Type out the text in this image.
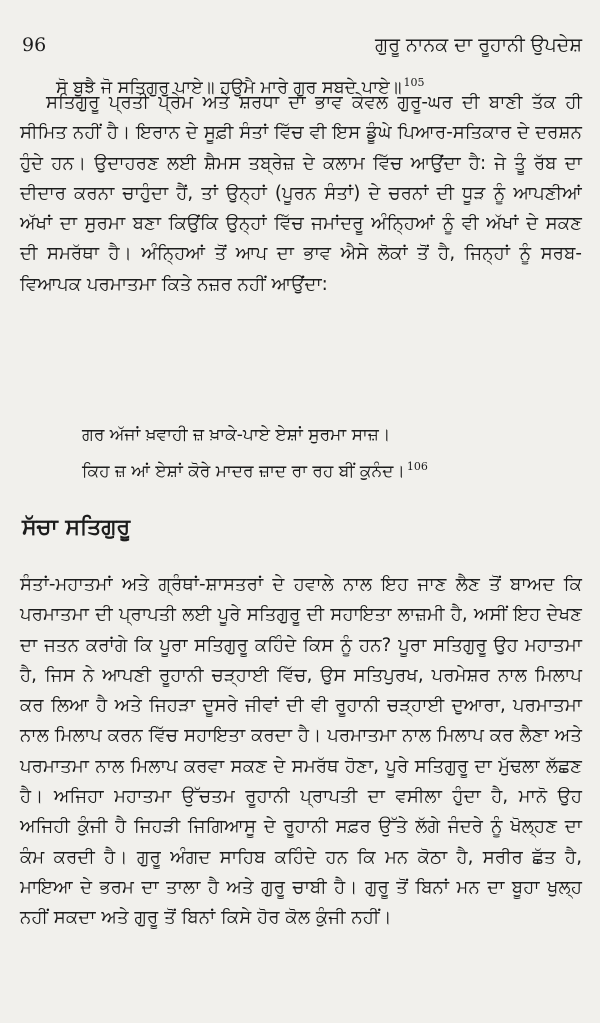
96	ਗੁਰੂ ਨਾਨਕ ਦਾ ਰੂਹਾਨੀ ਉਪਦੇਸ਼
ਸੋ ਬੂਝੈ ਜੋ ਸਤਿਗੁਰੁ ਪਾਏ॥ ਹਉਮੈ ਮਾਰੇ ਗੁਰ ਸਬਦੇ ਪਾਏ॥ $^{105}$

ਸਤਿਗੁਰੂ ਪ੍ਰਤੀ ਪ੍ਰੇਮ ਅਤੇ ਸ਼ਰਧਾ ਦਾ ਭਾਵ ਕੇਵਲ ਗੁਰੂ-ਘਰ ਦੀ ਬਾਣੀ ਤੱਕ ਹੀ ਸੀਮਿਤ ਨਹੀਂ ਹੈ। ਇਰਾਨ ਦੇ ਸੂਫ਼ੀ ਸੰਤਾਂ ਵਿੱਚ ਵੀ ਇਸ ਡੂੰਘੇ ਪਿਆਰ-ਸਤਿਕਾਰ ਦੇ ਦਰਸ਼ਨ ਹੁੰਦੇ ਹਨ। ਉਦਾਹਰਣ ਲਈ ਸ਼ੈਮਸ ਤਬ੍ਰੇਜ਼ ਦੇ ਕਲਾਮ ਵਿੱਚ ਆਉਂਦਾ ਹੈ: ਜੇ ਤੂੰ ਰੱਬ ਦਾ ਦੀਦਾਰ ਕਰਨਾ ਚਾਹੁੰਦਾ ਹੈਂ, ਤਾਂ ਉਨ੍ਹਾਂ (ਪੂਰਨ ਸੰਤਾਂ) ਦੇ ਚਰਨਾਂ ਦੀ ਧੂੜ ਨੂੰ ਆਪਣੀਆਂ ਅੱਖਾਂ ਦਾ ਸੁਰਮਾ ਬਣਾ ਕਿਉਂਕਿ ਉਨ੍ਹਾਂ ਵਿੱਚ ਜਮਾਂਦਰੂ ਅੰਨ੍ਹਿਆਂ ਨੂੰ ਵੀ ਅੱਖਾਂ ਦੇ ਸਕਣ ਦੀ ਸਮਰੱਥਾ ਹੈ। ਅੰਨ੍ਹਿਆਂ ਤੋਂ ਆਪ ਦਾ ਭਾਵ ਐਸੇ ਲੋਕਾਂ ਤੋਂ ਹੈ, ਜਿਨ੍ਹਾਂ ਨੂੰ ਸਰਬ-ਵਿਆਪਕ ਪਰਮਾਤਮਾ ਕਿਤੇ ਨਜ਼ਰ ਨਹੀਂ ਆਉਂਦਾ:

ਗਰ ਅੱਜਾਂ ਖ਼ਵਾਹੀ ਜ਼ ਖ਼ਾਕੇ-ਪਾਏ ਏਸ਼ਾਂ ਸੁਰਮਾ ਸਾਜ਼।
ਕਿਹ ਜ਼ ਆਂ ਏਸ਼ਾਂ ਕੋਰੇ ਮਾਦਰ ਜ਼ਾਦ ਰਾ ਰਹ ਬੀਂ ਕੁਨੰਦ। $^{106}$
ਸੱਚਾ ਸਤਿਗੁਰੂ

ਸੰਤਾਂ-ਮਹਾਤਮਾਂ ਅਤੇ ਗ੍ਰੰਥਾਂ-ਸ਼ਾਸਤਰਾਂ ਦੇ ਹਵਾਲੇ ਨਾਲ ਇਹ ਜਾਣ ਲੈਣ ਤੋਂ ਬਾਅਦ ਕਿ ਪਰਮਾਤਮਾ ਦੀ ਪ੍ਰਾਪਤੀ ਲਈ ਪੂਰੇ ਸਤਿਗੁਰੂ ਦੀ ਸਹਾਇਤਾ ਲਾਜ਼ਮੀ ਹੈ, ਅਸੀਂ ਇਹ ਦੇਖਣ ਦਾ ਜਤਨ ਕਰਾਂਗੇ ਕਿ ਪੂਰਾ ਸਤਿਗੁਰੂ ਕਹਿੰਦੇ ਕਿਸ ਨੂੰ ਹਨ? ਪੂਰਾ ਸਤਿਗੁਰੂ ਉਹ ਮਹਾਤਮਾ ਹੈ, ਜਿਸ ਨੇ ਆਪਣੀ ਰੂਹਾਨੀ ਚੜ੍ਹਾਈ ਵਿੱਚ, ਉਸ ਸਤਿਪੁਰਖ, ਪਰਮੇਸ਼ਰ ਨਾਲ ਮਿਲਾਪ ਕਰ ਲਿਆ ਹੈ ਅਤੇ ਜਿਹੜਾ ਦੂਸਰੇ ਜੀਵਾਂ ਦੀ ਵੀ ਰੂਹਾਨੀ ਚੜ੍ਹਾਈ ਦੁਆਰਾ, ਪਰਮਾਤਮਾ ਨਾਲ ਮਿਲਾਪ ਕਰਨ ਵਿੱਚ ਸਹਾਇਤਾ ਕਰਦਾ ਹੈ। ਪਰਮਾਤਮਾ ਨਾਲ ਮਿਲਾਪ ਕਰ ਲੈਣਾ ਅਤੇ ਪਰਮਾਤਮਾ ਨਾਲ ਮਿਲਾਪ ਕਰਵਾ ਸਕਣ ਦੇ ਸਮਰੱਥ ਹੋਣਾ, ਪੂਰੇ ਸਤਿਗੁਰੂ ਦਾ ਮੁੱਢਲਾ ਲੱਛਣ ਹੈ। ਅਜਿਹਾ ਮਹਾਤਮਾ ਉੱਚਤਮ ਰੂਹਾਨੀ ਪ੍ਰਾਪਤੀ ਦਾ ਵਸੀਲਾ ਹੁੰਦਾ ਹੈ, ਮਾਨੋ ਉਹ ਅਜਿਹੀ ਕੁੰਜੀ ਹੈ ਜਿਹੜੀ ਜਿਗਿਆਸੂ ਦੇ ਰੂਹਾਨੀ ਸਫ਼ਰ ਉੱਤੇ ਲੱਗੇ ਜੰਦਰੇ ਨੂੰ ਖੋਲ੍ਹਣ ਦਾ ਕੰਮ ਕਰਦੀ ਹੈ। ਗੁਰੂ ਅੰਗਦ ਸਾਹਿਬ ਕਹਿੰਦੇ ਹਨ ਕਿ ਮਨ ਕੋਠਾ ਹੈ, ਸਰੀਰ ਛੱਤ ਹੈ, ਮਾਇਆ ਦੇ ਭਰਮ ਦਾ ਤਾਲਾ ਹੈ ਅਤੇ ਗੁਰੂ ਚਾਬੀ ਹੈ। ਗੁਰੂ ਤੋਂ ਬਿਨਾਂ ਮਨ ਦਾ ਬੂਹਾ ਖੁਲ੍ਹ ਨਹੀਂ ਸਕਦਾ ਅਤੇ ਗੁਰੂ ਤੋਂ ਬਿਨਾਂ ਕਿਸੇ ਹੋਰ ਕੋਲ ਕੁੰਜੀ ਨਹੀਂ।
